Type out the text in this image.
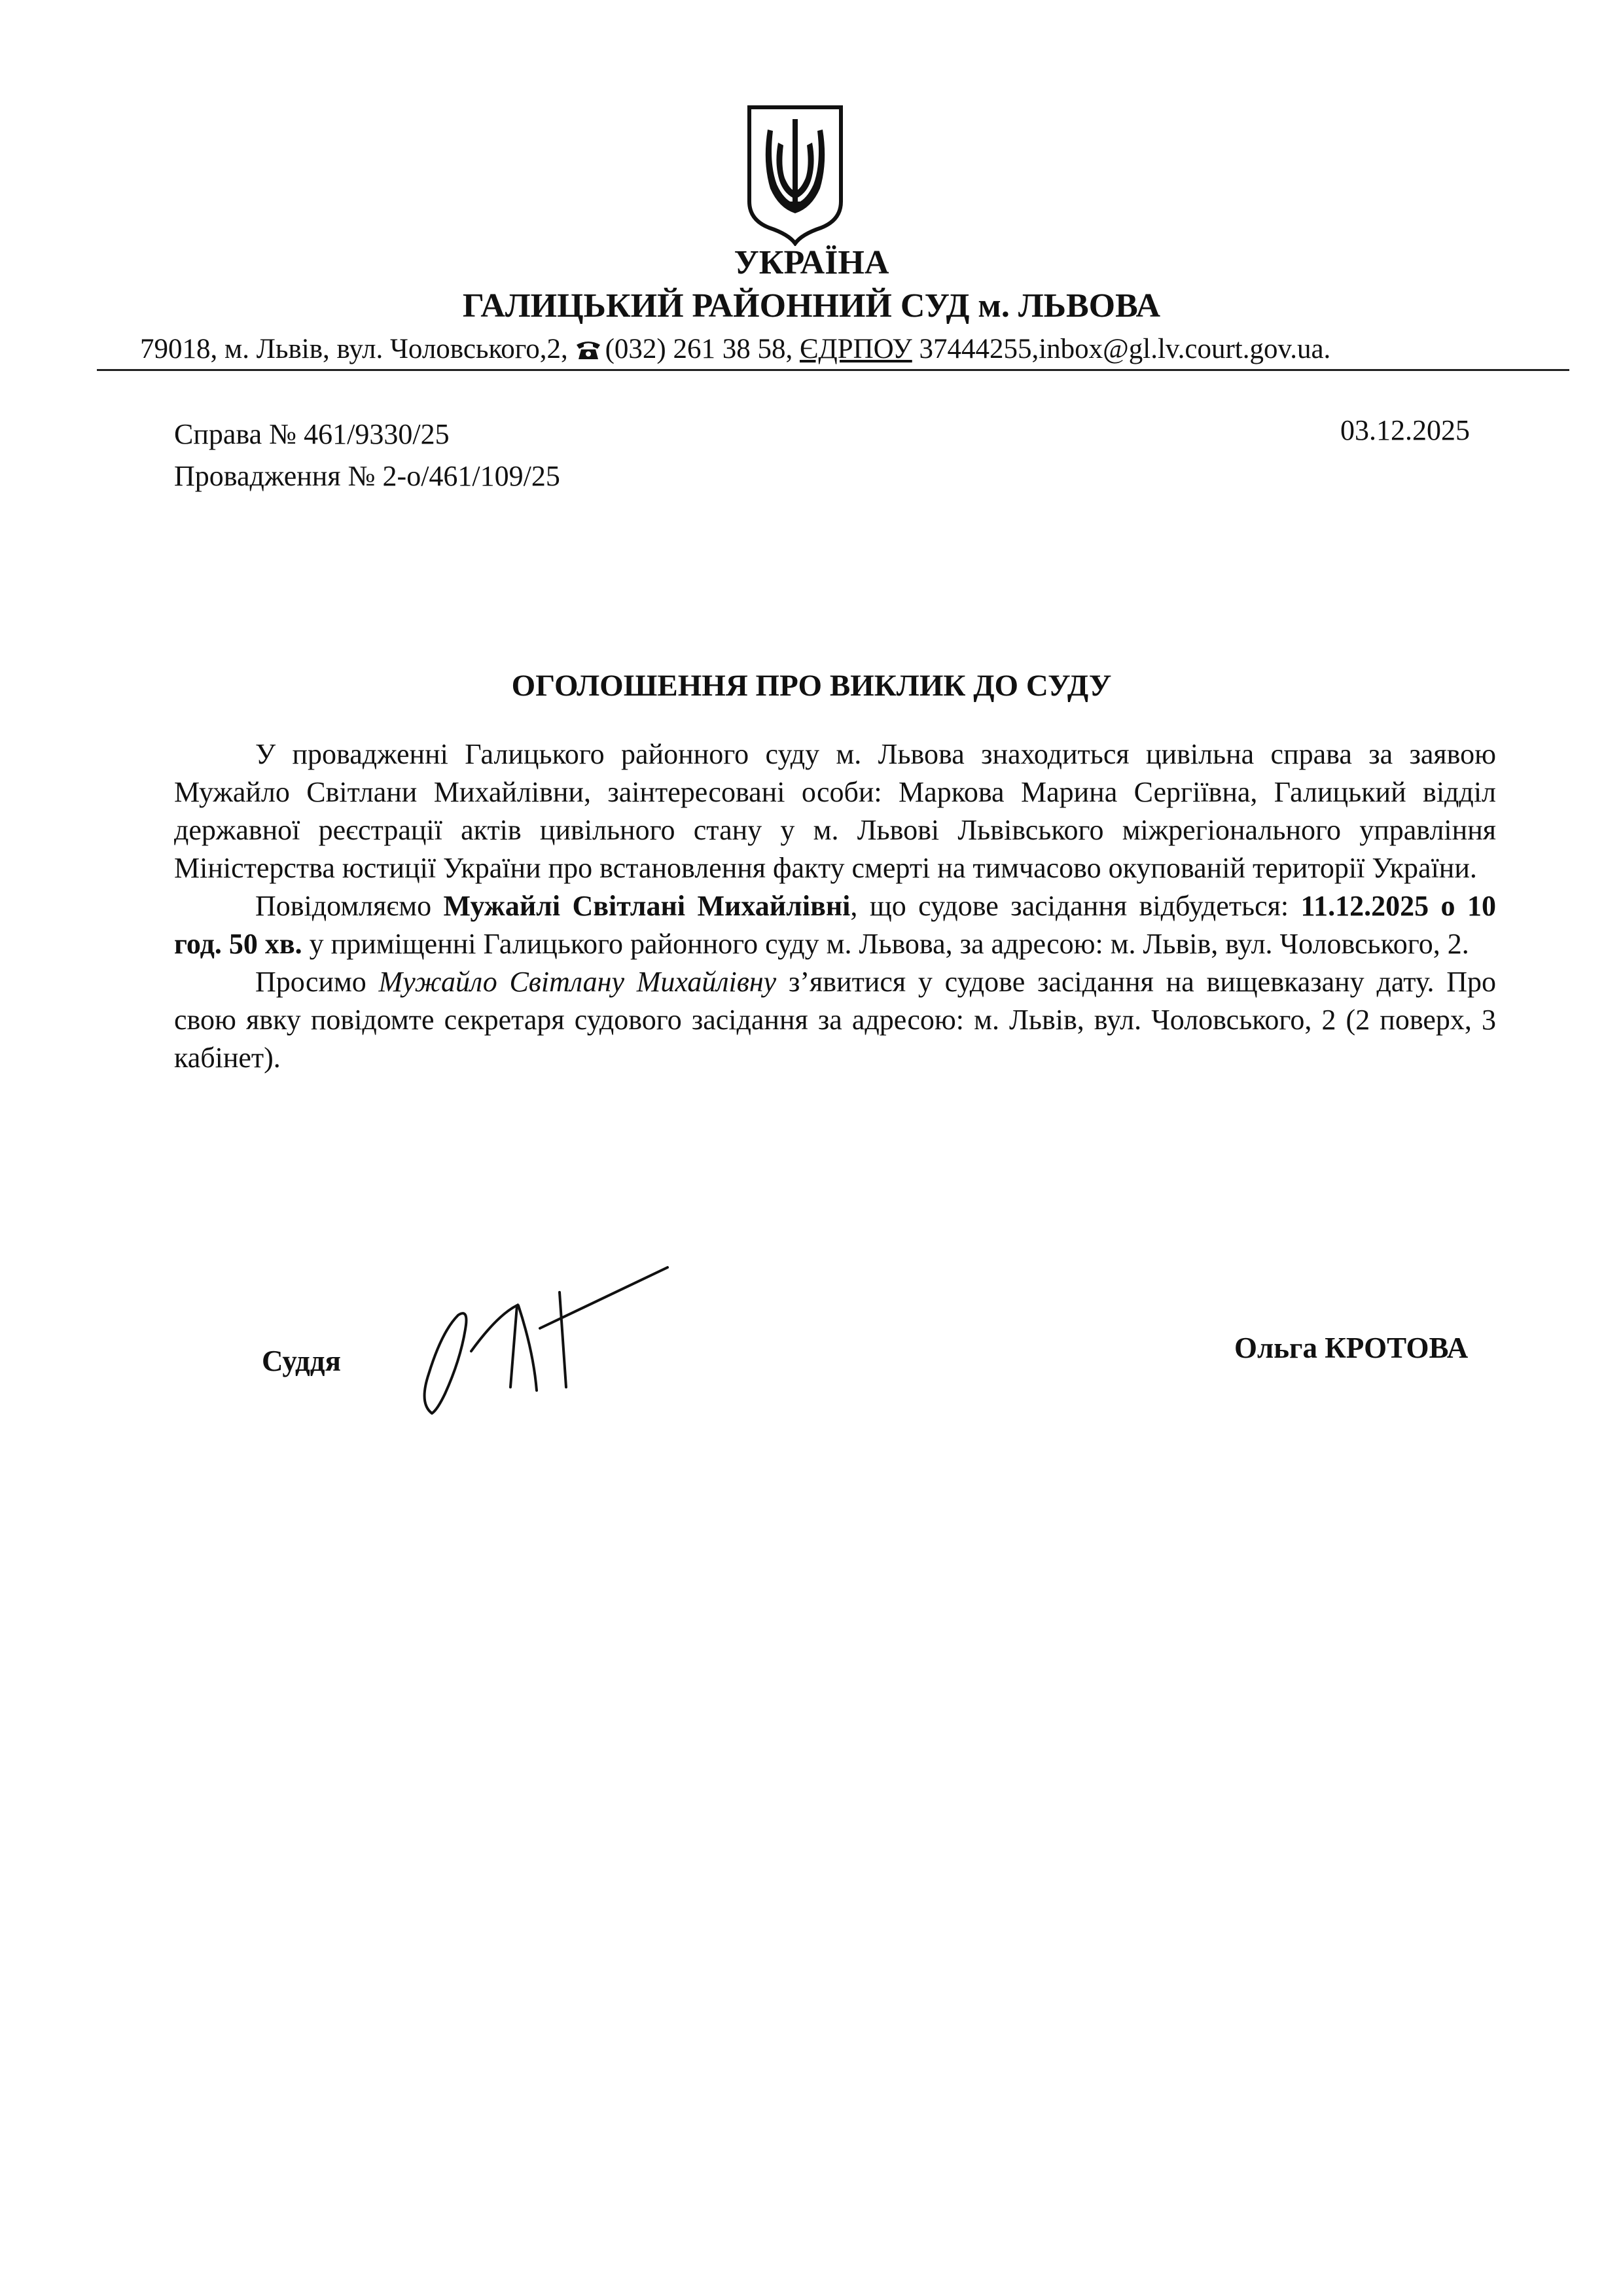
УКРАЇНА
ГАЛИЦЬКИЙ РАЙОННИЙ СУД м. ЛЬВОВА
79018, м. Львів, вул. Чоловського,2, (032) 261 38 58, ЄДРПОУ 37444255,inbox@gl.lv.court.gov.ua.
Справа № 461/9330/25
Провадження № 2-о/461/109/25
03.12.2025
ОГОЛОШЕННЯ ПРО ВИКЛИК ДО СУДУ

У провадженні Галицького районного суду м. Львова знаходиться цивільна справа за заявою Мужайло Світлани Михайлівни, заінтересовані особи: Маркова Марина Сергіївна, Галицький відділ державної реєстрації актів цивільного стану у м. Львові Львівського міжрегіонального управління Міністерства юстиції України про встановлення факту смерті на тимчасово окупованій території України.

Повідомляємо Мужайлі Світлані Михайлівні, що судове засідання відбудеться: 11.12.2025 о 10 год. 50 хв. у приміщенні Галицького районного суду м. Львова, за адресою: м. Львів, вул. Чоловського, 2.

Просимо Мужайло Світлану Михайлівну з’явитися у судове засідання на вищевказану дату. Про свою явку повідомте секретаря судового засідання за адресою: м. Львів, вул. Чоловського, 2 (2 поверх, 3 кабінет).

Суддя	Ольга КРОТОВА
